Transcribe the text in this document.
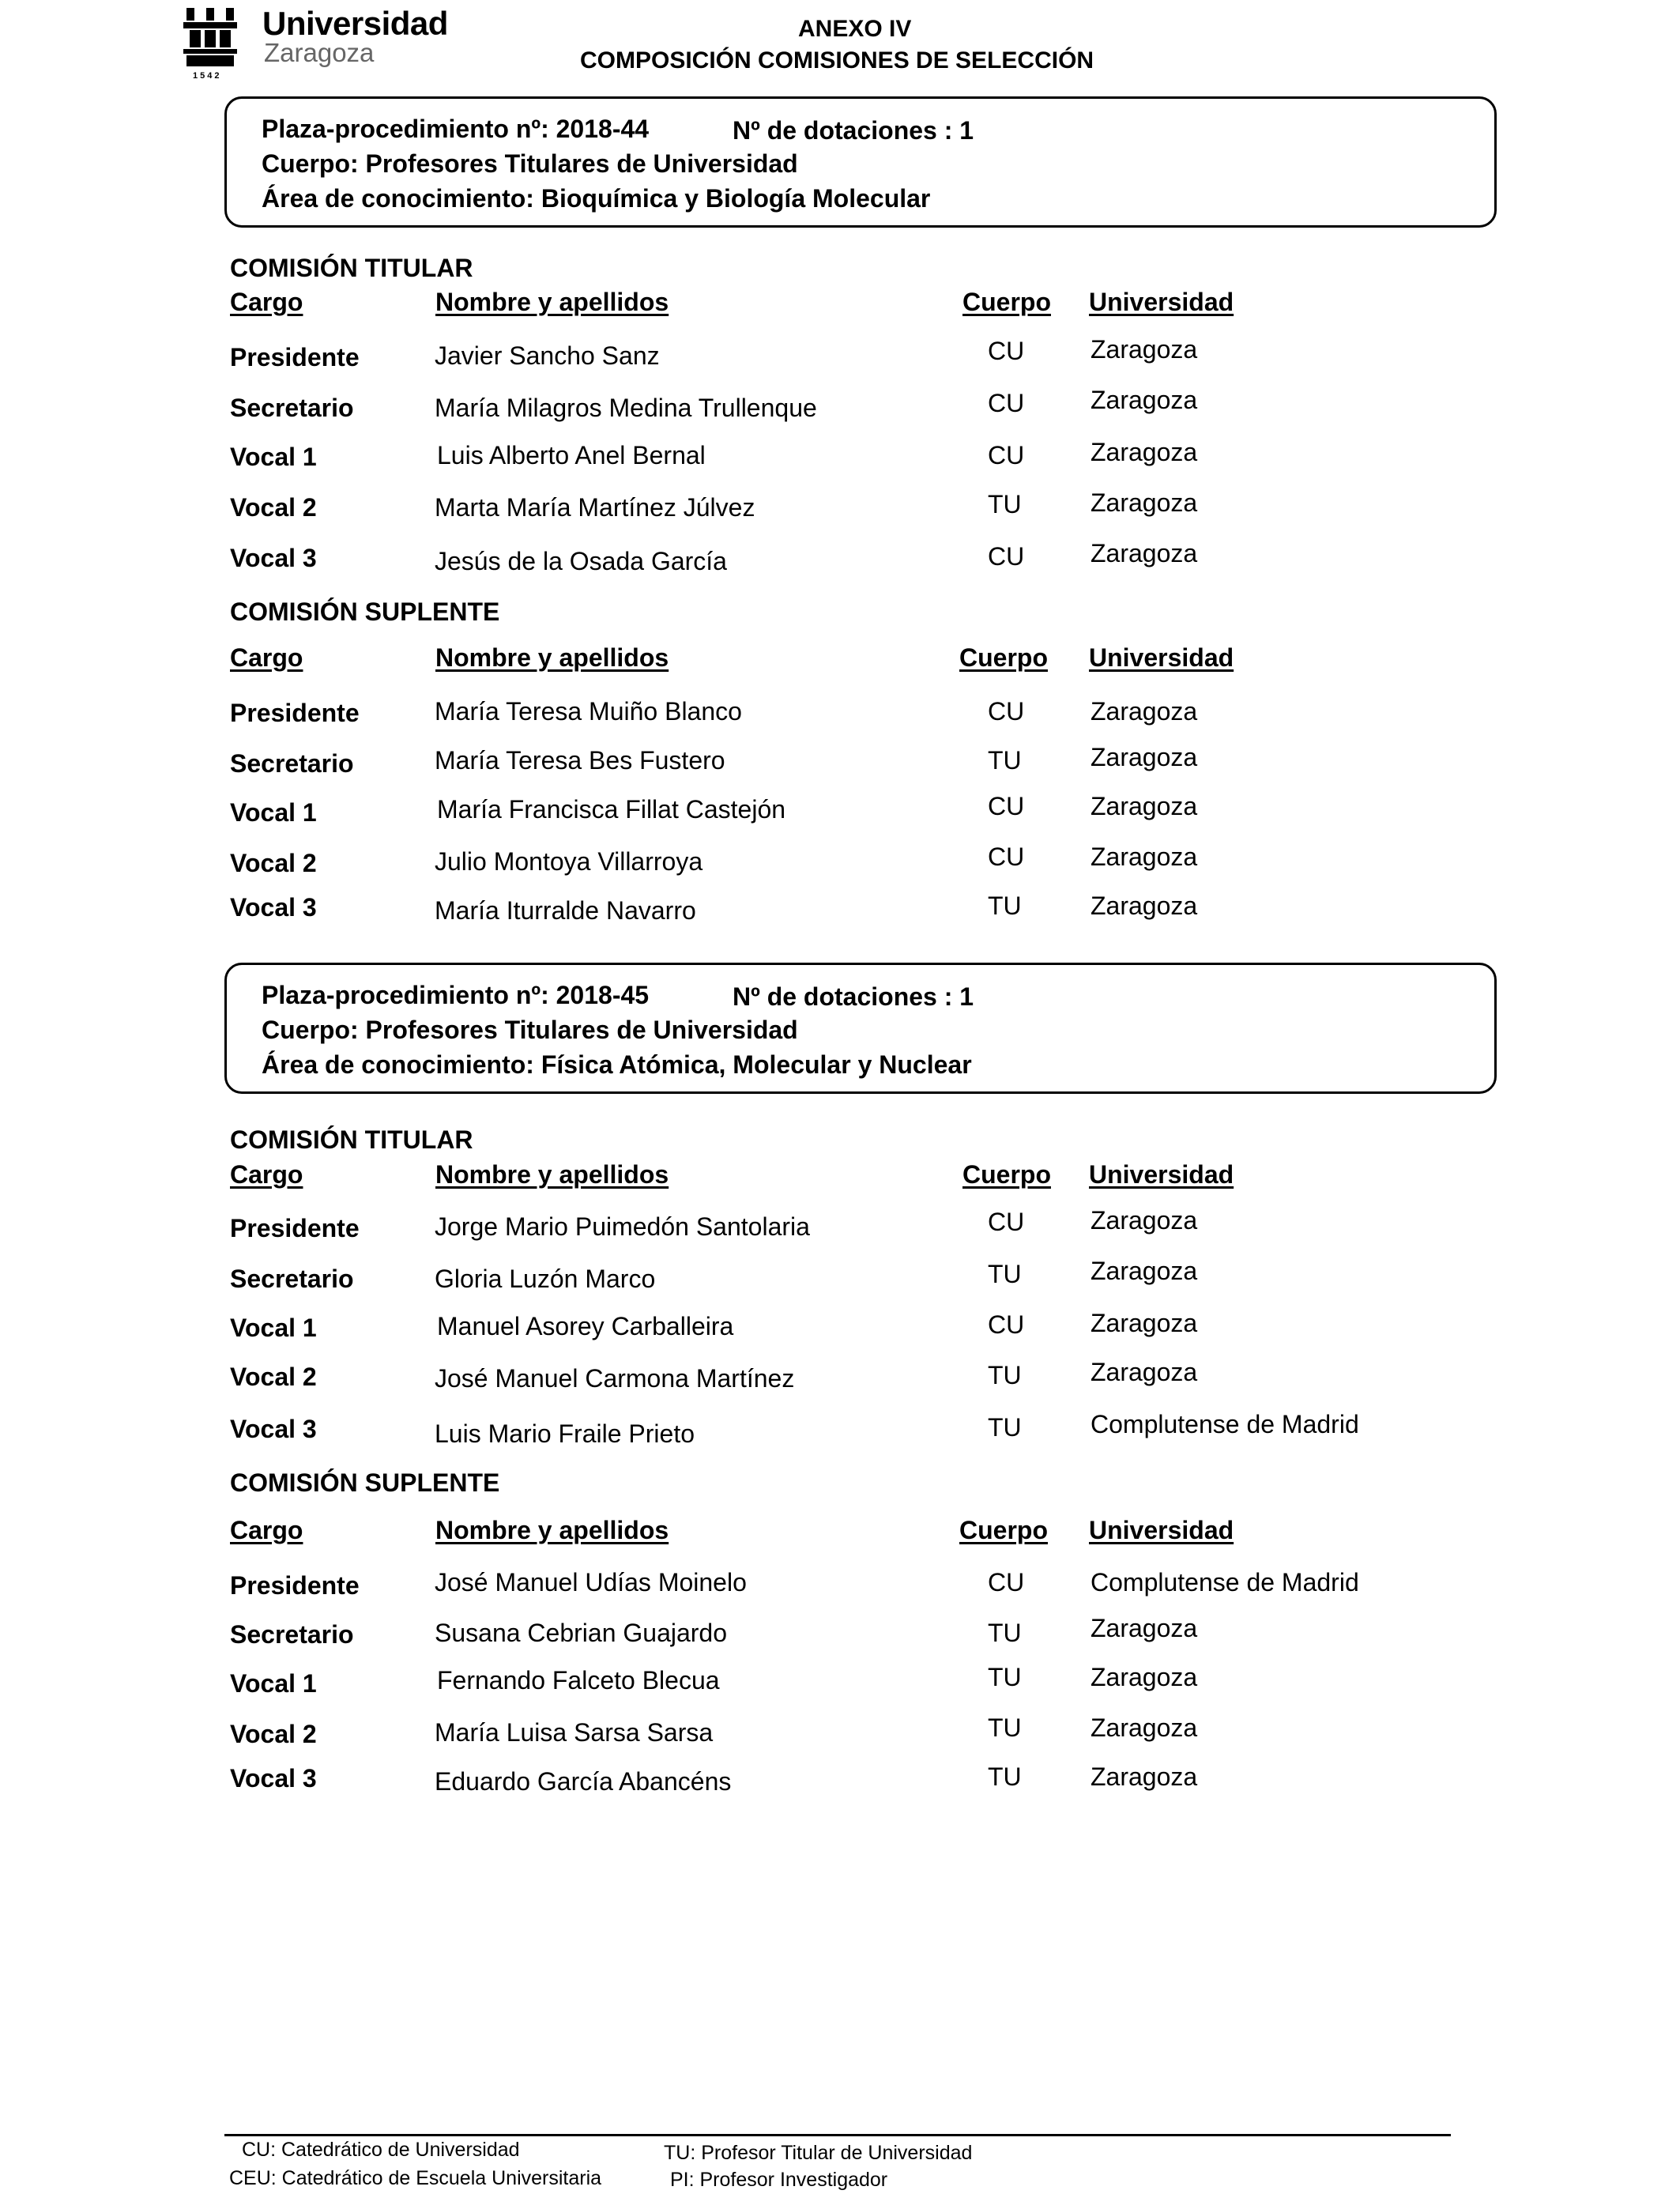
Universidad
Zaragoza
1542
ANEXO IV
COMPOSICIÓN COMISIONES DE SELECCIÓN
Plaza-procedimiento nº: 2018-44	Nº de dotaciones : 1
Cuerpo: Profesores Titulares de Universidad
Área de conocimiento: Bioquímica y Biología Molecular
COMISIÓN TITULAR
Cargo	Nombre y apellidos	Cuerpo Universidad
Presidente	Javier Sancho Sanz	CU	Zaragoza
Secretario	María Milagros Medina Trullenque	CU	Zaragoza
Vocal 1	Luis Alberto Anel Bernal	CU	Zaragoza
Vocal 2	Marta María Martínez Júlvez	TU	Zaragoza
Vocal 3	Jesús de la Osada García	CU	Zaragoza
COMISIÓN SUPLENTE
Cargo	Nombre y apellidos	Cuerpo Universidad
Presidente	María Teresa Muiño Blanco	CU	Zaragoza
Secretario	María Teresa Bes Fustero	TU	Zaragoza
Vocal 1	María Francisca Fillat Castejón	CU	Zaragoza
Vocal 2	Julio Montoya Villarroya	CU	Zaragoza
Vocal 3	María Iturralde Navarro	TU	Zaragoza
Plaza-procedimiento nº: 2018-45	Nº de dotaciones : 1
Cuerpo: Profesores Titulares de Universidad
Área de conocimiento: Física Atómica, Molecular y Nuclear
COMISIÓN TITULAR
Cargo	Nombre y apellidos	Cuerpo Universidad
Presidente	Jorge Mario Puimedón Santolaria	CU	Zaragoza
Secretario	Gloria Luzón Marco	TU	Zaragoza
Vocal 1	Manuel Asorey Carballeira	CU	Zaragoza
Vocal 2	José Manuel Carmona Martínez	TU	Zaragoza
Vocal 3	Luis Mario Fraile Prieto	TU	Complutense de Madrid
COMISIÓN SUPLENTE
Cargo	Nombre y apellidos	Cuerpo Universidad
Presidente	José Manuel Udías Moinelo	CU	Complutense de Madrid
Secretario	Susana Cebrian Guajardo	TU	Zaragoza
Vocal 1	Fernando Falceto Blecua	TU	Zaragoza
Vocal 2	María Luisa Sarsa Sarsa	TU	Zaragoza
Vocal 3	Eduardo García Abancéns	TU	Zaragoza
CU: Catedrático de Universidad
CEU: Catedrático de Escuela Universitaria
TU: Profesor Titular de Universidad
PI: Profesor Investigador
